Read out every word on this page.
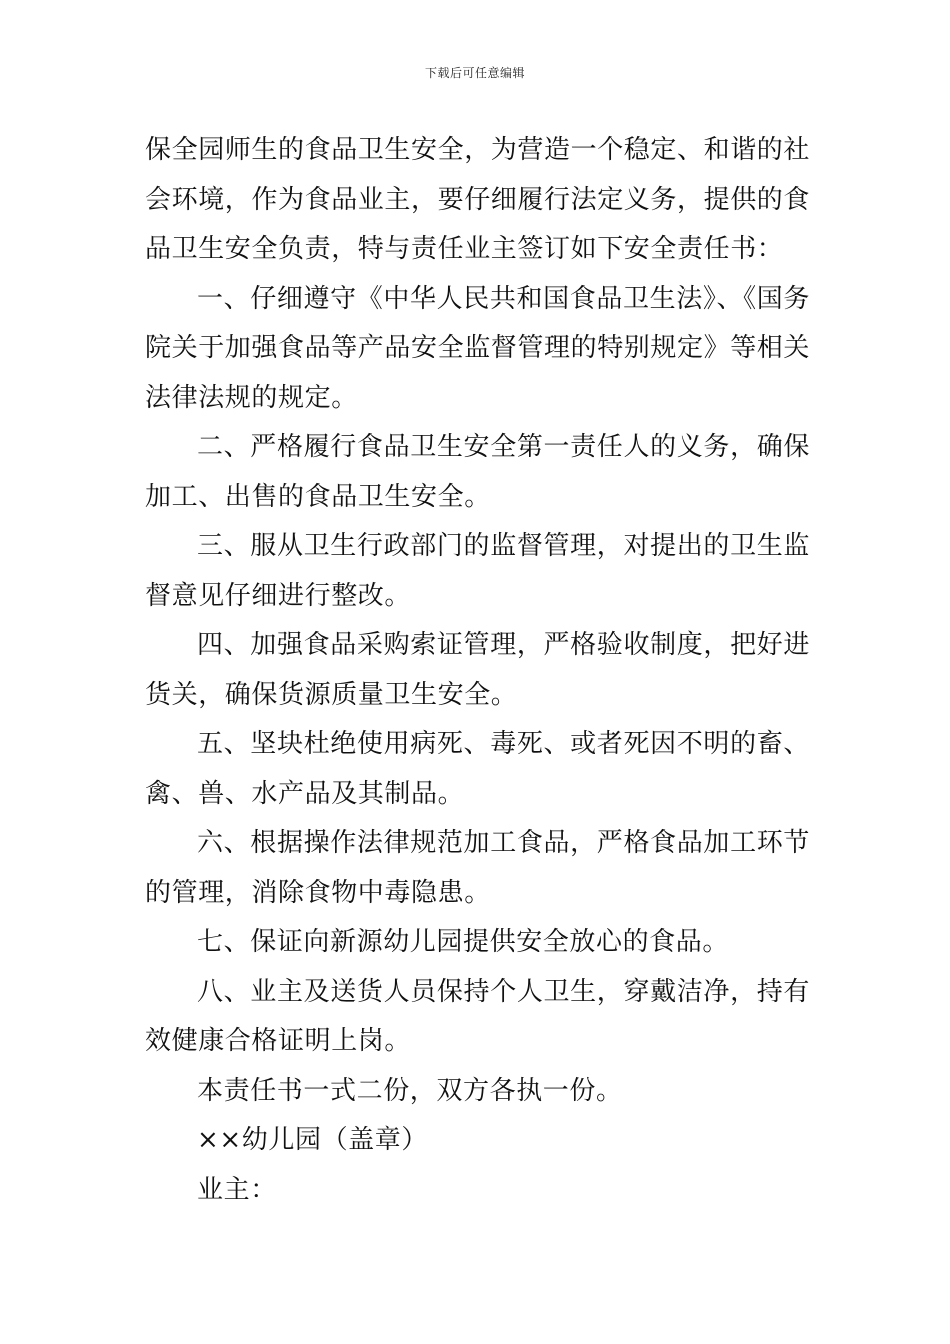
下载后可任意编辑

保全园师生的食品卫生安全，为营造一个稳定、和谐的社会环境，作为食品业主，要仔细履行法定义务，提供的食品卫生安全负责，特与责任业主签订如下安全责任书：

一、仔细遵守《中华人民共和国食品卫生法》、《国务院关于加强食品等产品安全监督管理的特别规定》等相关法律法规的规定。

二、严格履行食品卫生安全第一责任人的义务，确保加工、出售的食品卫生安全。

三、服从卫生行政部门的监督管理，对提出的卫生监督意见仔细进行整改。

四、加强食品采购索证管理，严格验收制度，把好进货关，确保货源质量卫生安全。

五、坚块杜绝使用病死、毒死、或者死因不明的畜、禽、兽、水产品及其制品。

六、根据操作法律规范加工食品，严格食品加工环节的管理，消除食物中毒隐患。

七、保证向新源幼儿园提供安全放心的食品。

八、业主及送货人员保持个人卫生，穿戴洁净，持有效健康合格证明上岗。

本责任书一式二份，双方各执一份。

××幼儿园（盖章）

业主：
